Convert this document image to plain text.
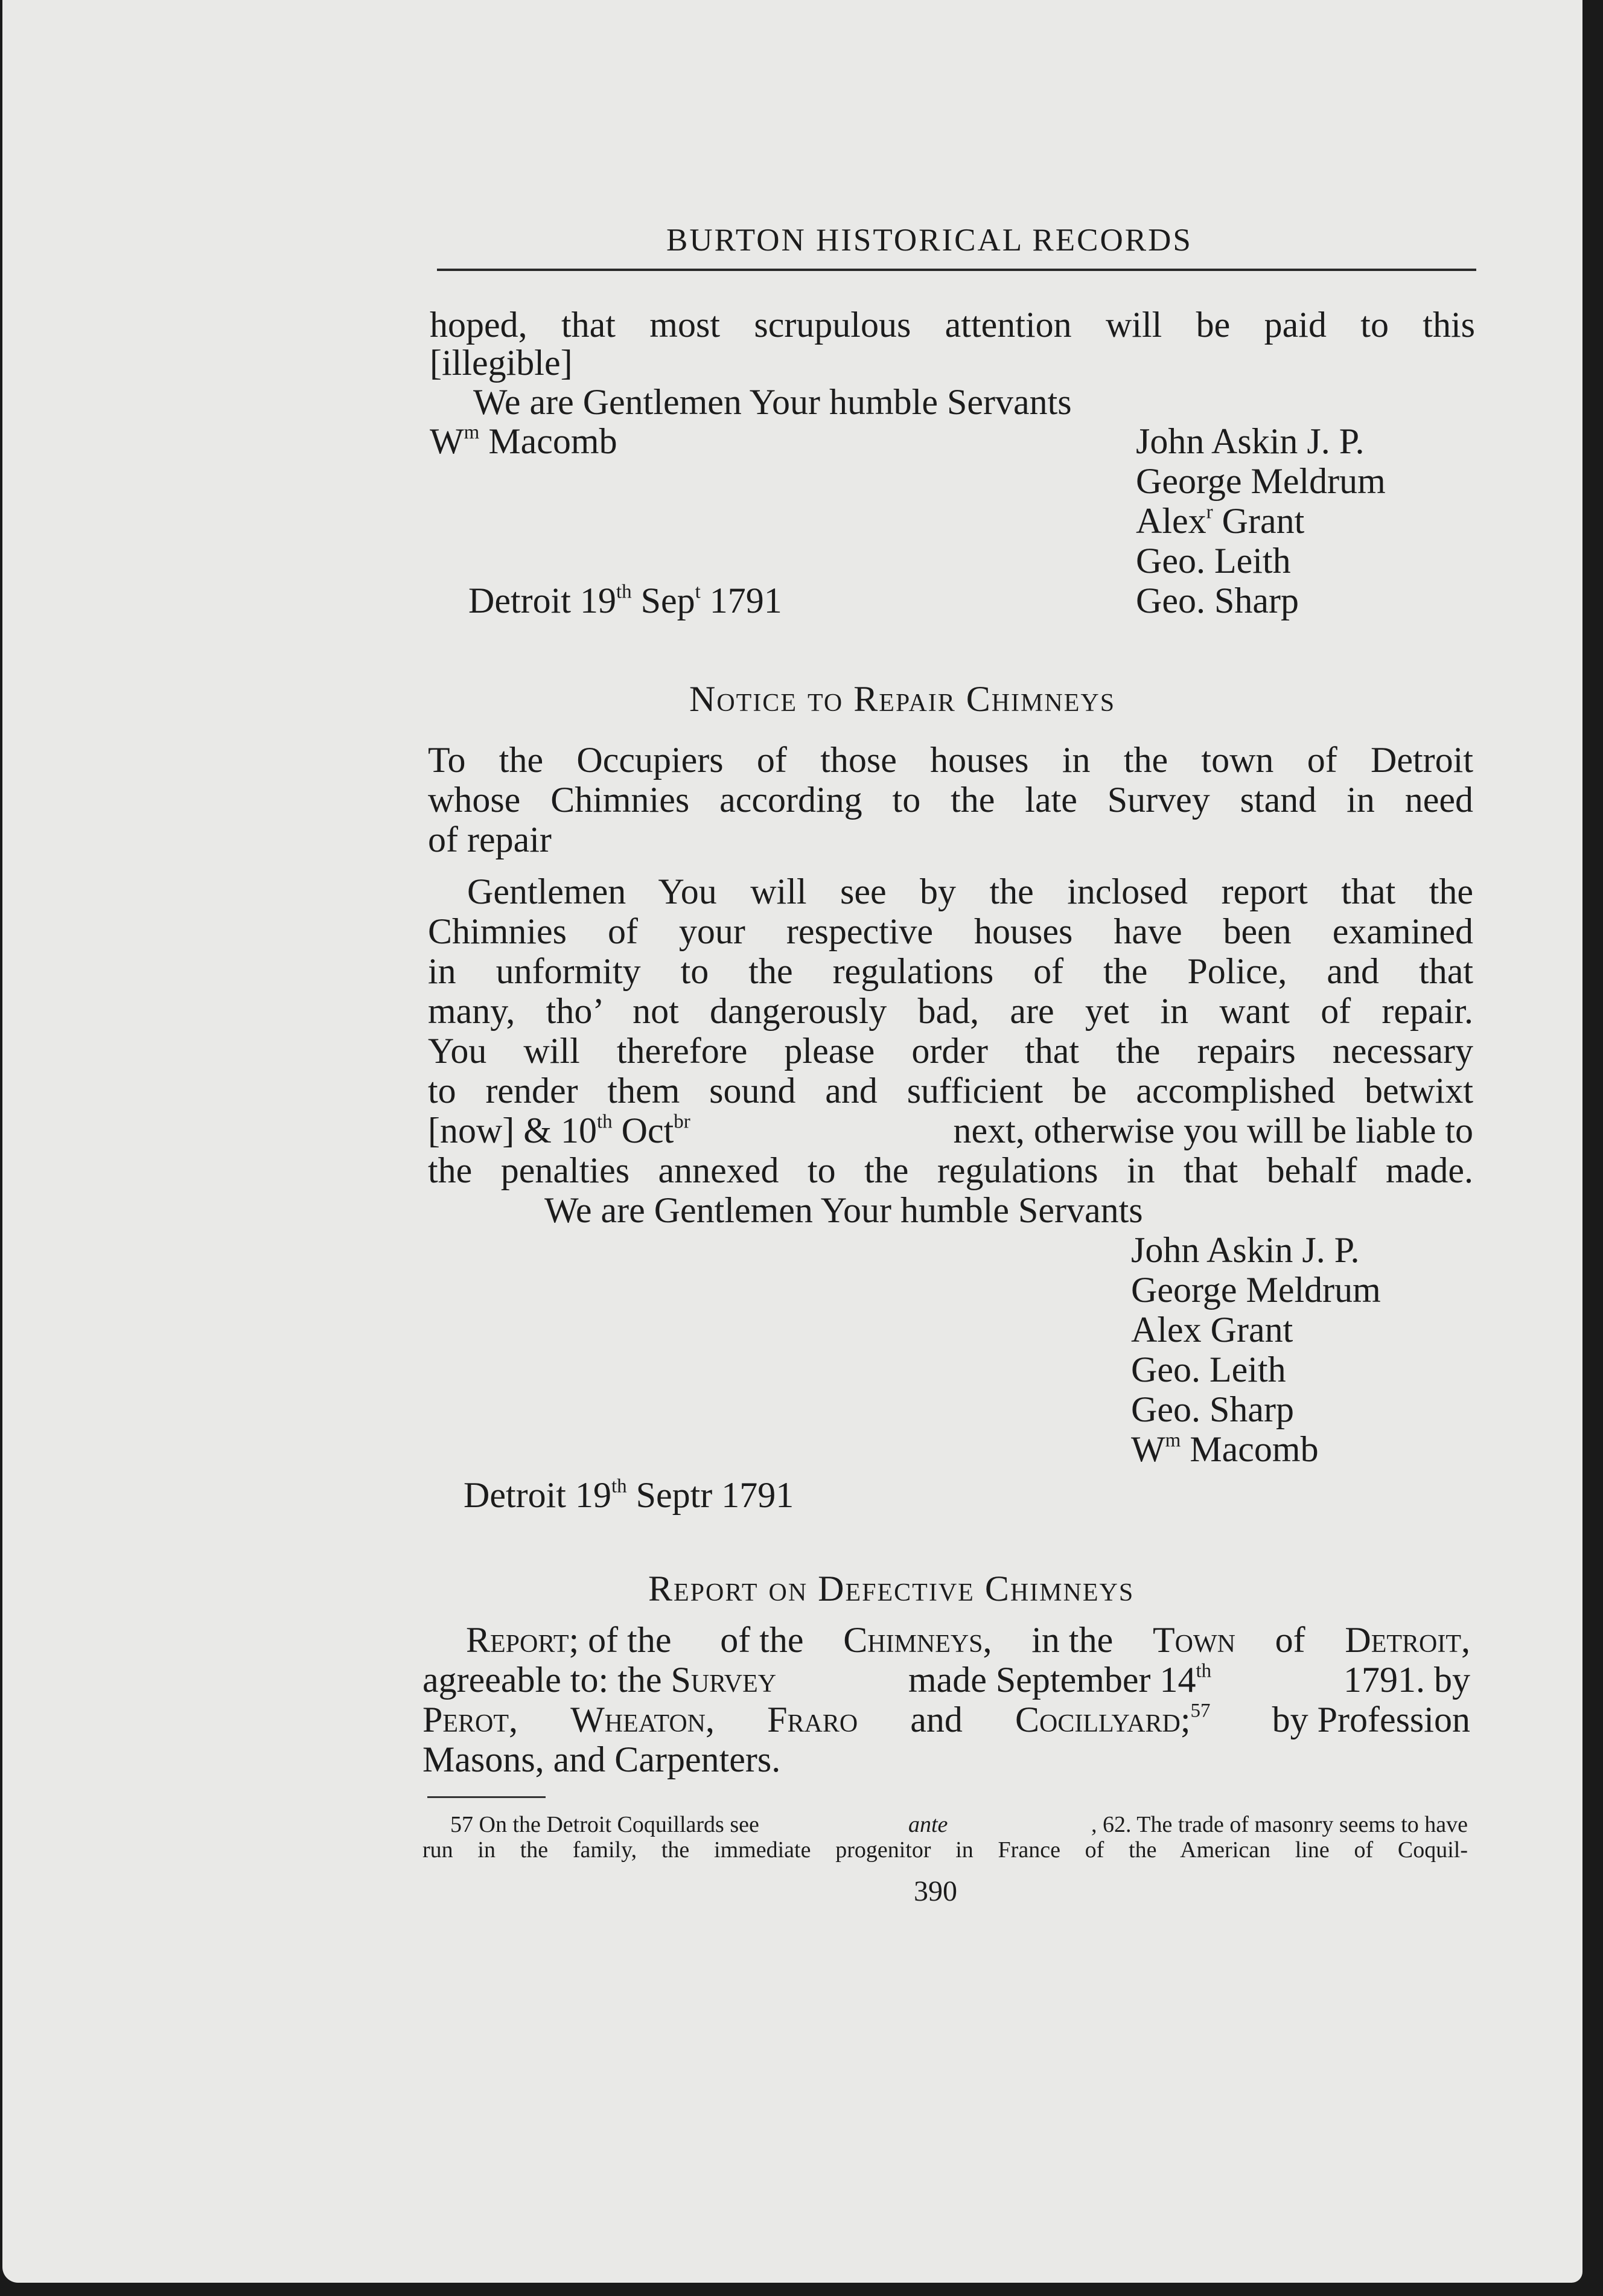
BURTON HISTORICAL RECORDS
hoped, that most scrupulous attention will be paid to this
[illegible]
We are Gentlemen Your humble Servants
$W^m$ Macomb	John Askin J. P.
George Meldrum
Alex$^r$ Grant
Geo. Leith
Geo. Sharp
Detroit 19th Sep$^t$ 1791
Notice to Repair Chimneys
To the Occupiers of those houses in the town of Detroit
whose Chimnies according to the late Survey stand in need
of repair
Gentlemen You will see by the inclosed report that the
Chimnies of your respective houses have been examined
in unformity to the regulations of the Police, and that
many, tho’ not dangerously bad, are yet in want of repair.
You will therefore please order that the repairs necessary
to render them sound and sufficient be accomplished betwixt
[now] & 10th Oct$^{br}$	next, otherwise you will be liable to
the penalties annexed to the regulations in that behalf made.
We are Gentlemen Your humble Servants
John Askin J. P.
George Meldrum
Alex Grant
Geo. Leith
Geo. Sharp
$W^m$ Macomb
Detroit 19th Septr 1791
Report on Defective Chimneys
Report; of the of the Chimneys, in the Town of Detroit,
agreeable to: the Survey	made September 14th	1791. by
Perot, Wheaton, Fraro and Cocillyard;$^{57}$ by Profession
Masons, and Carpenters.
57 On the Detroit Coquillards see	ante	, 62. The trade of masonry seems to have
run in the family, the immediate progenitor in France of the American line of Coquil-
390
